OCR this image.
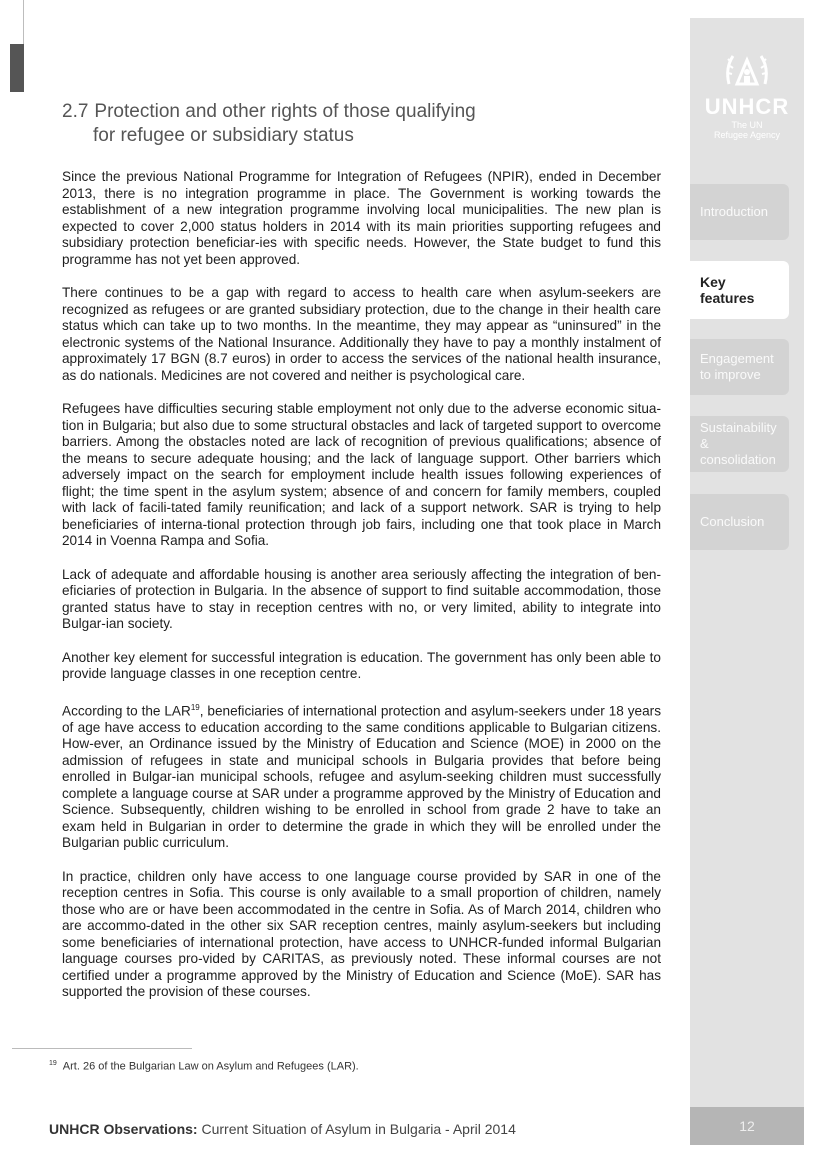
UNHCR
The UN
Refugee Agency
Introduction
Key features
Engagement
to improve
Sustainability
& consolidation
Conclusion
12
2.7 Protection and other rights of those qualifying
for refugee or subsidiary status

Since the previous National Programme for Integration of Refugees (NPIR), ended in December 2013, there is no integration programme in place. The Government is working towards the establishment of a new integration programme involving local municipalities. The new plan is expected to cover 2,000 status holders in 2014 with its main priorities supporting refugees and subsidiary protection beneficiar-ies with specific needs. However, the State budget to fund this programme has not yet been approved.

There continues to be a gap with regard to access to health care when asylum-seekers are recognized as refugees or are granted subsidiary protection, due to the change in their health care status which can take up to two months. In the meantime, they may appear as “uninsured” in the electronic systems of the National Insurance. Additionally they have to pay a monthly instalment of approximately 17 BGN (8.7 euros) in order to access the services of the national health insurance, as do nationals. Medicines are not covered and neither is psychological care.

Refugees have difficulties securing stable employment not only due to the adverse economic situa-tion in Bulgaria; but also due to some structural obstacles and lack of targeted support to overcome barriers. Among the obstacles noted are lack of recognition of previous qualifications; absence of the means to secure adequate housing; and the lack of language support. Other barriers which adversely impact on the search for employment include health issues following experiences of flight; the time spent in the asylum system; absence of and concern for family members, coupled with lack of facili-tated family reunification; and lack of a support network. SAR is trying to help beneficiaries of interna-tional protection through job fairs, including one that took place in March 2014 in Voenna Rampa and Sofia.

Lack of adequate and affordable housing is another area seriously affecting the integration of ben-eficiaries of protection in Bulgaria. In the absence of support to find suitable accommodation, those granted status have to stay in reception centres with no, or very limited, ability to integrate into Bulgar-ian society.

Another key element for successful integration is education. The government has only been able to provide language classes in one reception centre.

According to the LAR$^{19}$, beneficiaries of international protection and asylum-seekers under 18 years of age have access to education according to the same conditions applicable to Bulgarian citizens. How-ever, an Ordinance issued by the Ministry of Education and Science (MOE) in 2000 on the admission of refugees in state and municipal schools in Bulgaria provides that before being enrolled in Bulgar-ian municipal schools, refugee and asylum-seeking children must successfully complete a language course at SAR under a programme approved by the Ministry of Education and Science. Subsequently, children wishing to be enrolled in school from grade 2 have to take an exam held in Bulgarian in order to determine the grade in which they will be enrolled under the Bulgarian public curriculum.

In practice, children only have access to one language course provided by SAR in one of the reception centres in Sofia. This course is only available to a small proportion of children, namely those who are or have been accommodated in the centre in Sofia. As of March 2014, children who are accommo-dated in the other six SAR reception centres, mainly asylum-seekers but including some beneficiaries of international protection, have access to UNHCR-funded informal Bulgarian language courses pro-vided by CARITAS, as previously noted. These informal courses are not certified under a programme approved by the Ministry of Education and Science (MoE). SAR has supported the provision of these courses.

$^{19}$ Art. 26 of the Bulgarian Law on Asylum and Refugees (LAR).
UNHCR Observations: Current Situation of Asylum in Bulgaria - April 2014
